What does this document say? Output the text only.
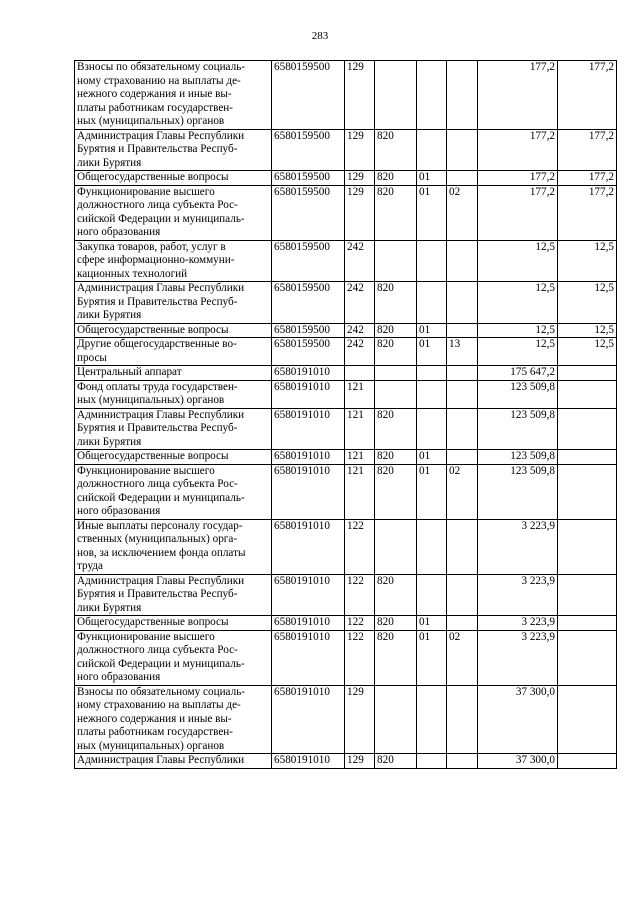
283
Взносы по обязательному социаль-
ному страхованию на выплаты де-
нежного содержания и иные вы-
платы работникам государствен-
ных (муниципальных) органов	6580159500	129				177,2	177,2
Администрация Главы Республики
Бурятия и Правительства Респуб-
лики Бурятия	6580159500	129	820			177,2	177,2
Общегосударственные вопросы	6580159500	129	820	01		177,2	177,2
Функционирование высшего
должностного лица субъекта Рос-
сийской Федерации и муниципаль-
ного образования	6580159500	129	820	01	02	177,2	177,2
Закупка товаров, работ, услуг в
сфере информационно-коммуни-
кационных технологий	6580159500	242				12,5	12,5
Администрация Главы Республики
Бурятия и Правительства Респуб-
лики Бурятия	6580159500	242	820			12,5	12,5
Общегосударственные вопросы	6580159500	242	820	01		12,5	12,5
Другие общегосударственные во-
просы	6580159500	242	820	01	13	12,5	12,5
Центральный аппарат	6580191010					175 647,2	
Фонд оплаты труда государствен-
ных (муниципальных) органов	6580191010	121				123 509,8	
Администрация Главы Республики
Бурятия и Правительства Респуб-
лики Бурятия	6580191010	121	820			123 509,8	
Общегосударственные вопросы	6580191010	121	820	01		123 509,8	
Функционирование высшего
должностного лица субъекта Рос-
сийской Федерации и муниципаль-
ного образования	6580191010	121	820	01	02	123 509,8	
Иные выплаты персоналу государ-
ственных (муниципальных) орга-
нов, за исключением фонда оплаты
труда	6580191010	122				3 223,9	
Администрация Главы Республики
Бурятия и Правительства Респуб-
лики Бурятия	6580191010	122	820			3 223,9	
Общегосударственные вопросы	6580191010	122	820	01		3 223,9	
Функционирование высшего
должностного лица субъекта Рос-
сийской Федерации и муниципаль-
ного образования	6580191010	122	820	01	02	3 223,9	
Взносы по обязательному социаль-
ному страхованию на выплаты де-
нежного содержания и иные вы-
платы работникам государствен-
ных (муниципальных) органов	6580191010	129				37 300,0	
Администрация Главы Республики	6580191010	129	820			37 300,0	
